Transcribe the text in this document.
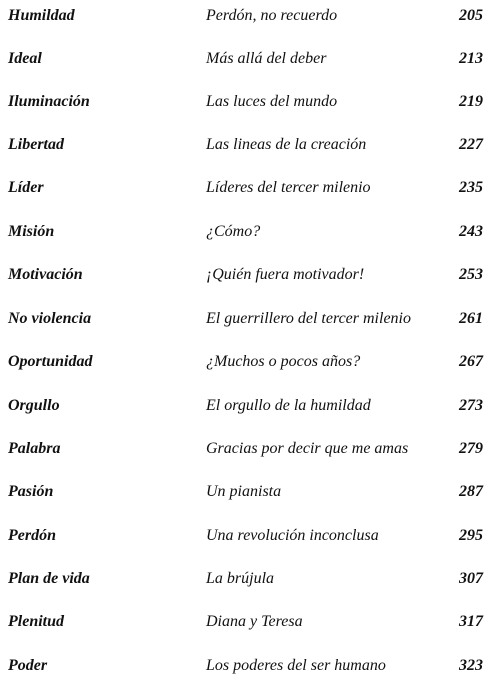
Humildad	Perdón, no recuerdo	205
Ideal	Más allá del deber	213
Iluminación	Las luces del mundo	219
Libertad	Las lineas de la creación	227
Líder	Líderes del tercer milenio	235
Misión	¿Cómo?	243
Motivación	¡Quién fuera motivador!	253
No violencia	El guerrillero del tercer milenio	261
Oportunidad	¿Muchos o pocos años?	267
Orgullo	El orgullo de la humildad	273
Palabra	Gracias por decir que me amas	279
Pasión	Un pianista	287
Perdón	Una revolución inconclusa	295
Plan de vida	La brújula	307
Plenitud	Diana y Teresa	317
Poder	Los poderes del ser humano	323
